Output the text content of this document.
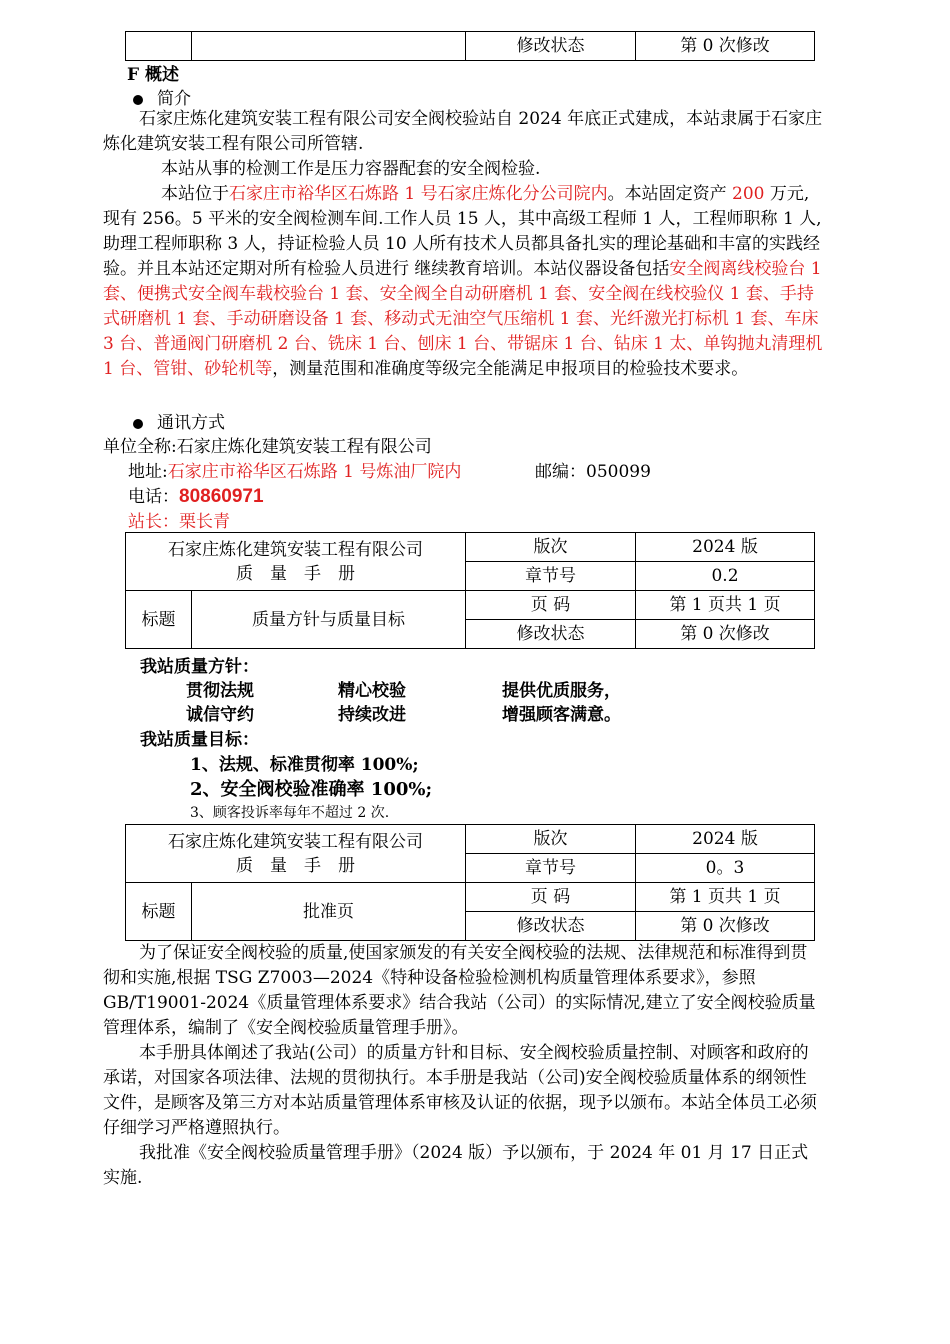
		修改状态	第 0 次修改
F 概述
简介

石家庄炼化建筑安装工程有限公司安全阀校验站自 2024 年底正式建成，本站隶属于石家庄炼化建筑安装工程有限公司所管辖.

本站从事的检测工作是压力容器配套的安全阀检验.

本站位于石家庄市裕华区石炼路 1 号石家庄炼化分公司院内。本站固定资产 200 万元,现有 256。5 平米的安全阀检测车间.工作人员 15 人，其中高级工程师 1 人，工程师职称 1 人,助理工程师职称 3 人，持证检验人员 10 人所有技术人员都具备扎实的理论基础和丰富的实践经验。并且本站还定期对所有检验人员进行 继续教育培训。本站仪器设备包括安全阀离线校验台 1 套、便携式安全阀车载校验台 1 套、安全阀全自动研磨机 1 套、安全阀在线校验仪 1 套、手持式研磨机 1 套、手动研磨设备 1 套、移动式无油空气压缩机 1 套、光纤激光打标机 1 套、车床 3 台、普通阀门研磨机 2 台、铣床 1 台、刨床 1 台、带锯床 1 台、钻床 1 太、单钩抛丸清理机 1 台、管钳、砂轮机等，测量范围和准确度等级完全能满足申报项目的检验技术要求。

通讯方式
单位全称:石家庄炼化建筑安装工程有限公司
地址:石家庄市裕华区石炼路 1 号炼油厂院内	邮编：050099
电话：80860971
站长：栗长青
石家庄炼化建筑安装工程有限公司
质　量　手　册		版次	2024 版
		章节号	0.2
标题	质量方针与质量目标	页 码	第 1 页共 1 页
		修改状态	第 0 次修改
我站质量方针：
贯彻法规	精心校验	提供优质服务，
诚信守约	持续改进	增强顾客满意。
我站质量目标：
1、法规、标准贯彻率 100%;
2、安全阀校验准确率 100%;
3、顾客投诉率每年不超过 2 次.
石家庄炼化建筑安装工程有限公司
质　量　手　册		版次	2024 版
		章节号	0。3
标题	批准页	页 码	第 1 页共 1 页
		修改状态	第 0 次修改

为了保证安全阀校验的质量,使国家颁发的有关安全阀校验的法规、法律规范和标准得到贯彻和实施,根据 TSG Z7003—2024《特种设备检验检测机构质量管理体系要求》，参照 GB/T19001-2024《质量管理体系要求》结合我站（公司）的实际情况,建立了安全阀校验质量管理体系，编制了《安全阀校验质量管理手册》。

本手册具体阐述了我站(公司）的质量方针和目标、安全阀校验质量控制、对顾客和政府的承诺，对国家各项法律、法规的贯彻执行。本手册是我站（公司)安全阀校验质量体系的纲领性文件，是顾客及第三方对本站质量管理体系审核及认证的依据，现予以颁布。本站全体员工必须仔细学习严格遵照执行。

我批准《安全阀校验质量管理手册》（2024 版）予以颁布，于 2024 年 01 月 17 日正式实施.
